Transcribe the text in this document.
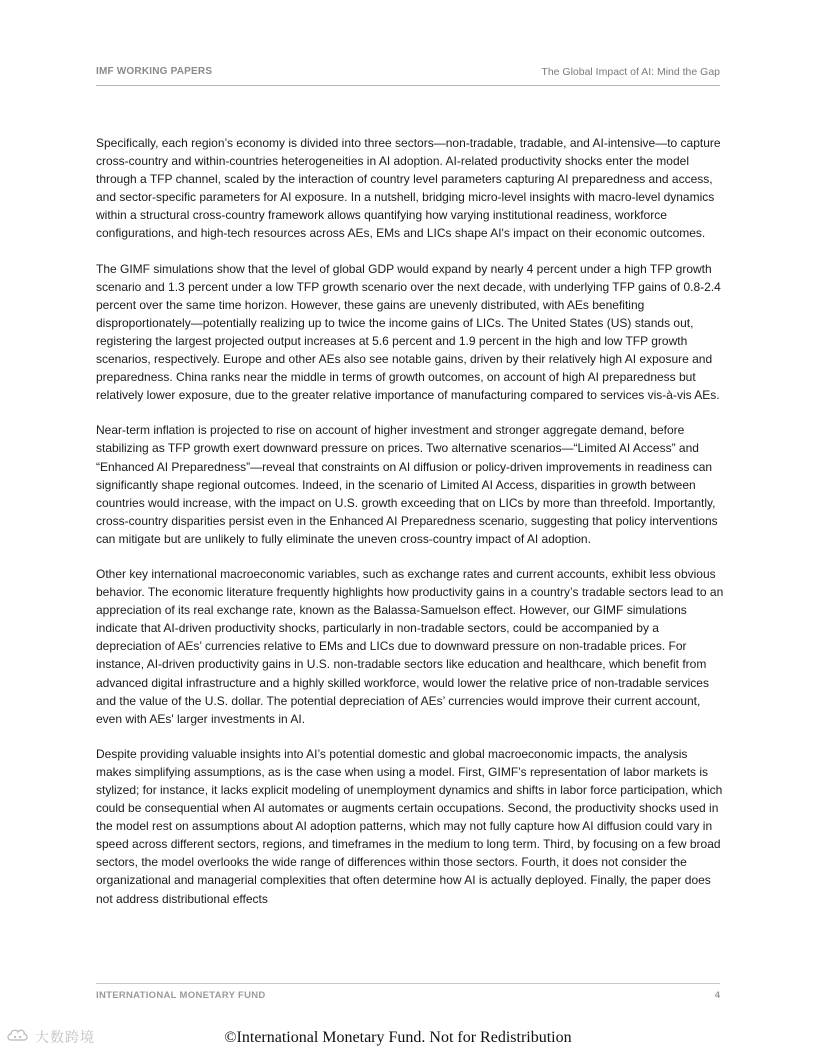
IMF WORKING PAPERS	The Global Impact of AI: Mind the Gap

Specifically, each region’s economy is divided into three sectors—non-tradable, tradable, and AI-intensive—to capture cross-country and within-countries heterogeneities in AI adoption. AI-related productivity shocks enter the model through a TFP channel, scaled by the interaction of country level parameters capturing AI preparedness and access, and sector-specific parameters for AI exposure. In a nutshell, bridging micro-level insights with macro-level dynamics within a structural cross-country framework allows quantifying how varying institutional readiness, workforce configurations, and high-tech resources across AEs, EMs and LICs shape AI's impact on their economic outcomes.

The GIMF simulations show that the level of global GDP would expand by nearly 4 percent under a high TFP growth scenario and 1.3 percent under a low TFP growth scenario over the next decade, with underlying TFP gains of 0.8-2.4 percent over the same time horizon. However, these gains are unevenly distributed, with AEs benefiting disproportionately—potentially realizing up to twice the income gains of LICs. The United States (US) stands out, registering the largest projected output increases at 5.6 percent and 1.9 percent in the high and low TFP growth scenarios, respectively. Europe and other AEs also see notable gains, driven by their relatively high AI exposure and preparedness. China ranks near the middle in terms of growth outcomes, on account of high AI preparedness but relatively lower exposure, due to the greater relative importance of manufacturing compared to services vis-à-vis AEs.

Near-term inflation is projected to rise on account of higher investment and stronger aggregate demand, before stabilizing as TFP growth exert downward pressure on prices. Two alternative scenarios—“Limited AI Access” and “Enhanced AI Preparedness”—reveal that constraints on AI diffusion or policy-driven improvements in readiness can significantly shape regional outcomes. Indeed, in the scenario of Limited AI Access, disparities in growth between countries would increase, with the impact on U.S. growth exceeding that on LICs by more than threefold. Importantly, cross-country disparities persist even in the Enhanced AI Preparedness scenario, suggesting that policy interventions can mitigate but are unlikely to fully eliminate the uneven cross-country impact of AI adoption.

Other key international macroeconomic variables, such as exchange rates and current accounts, exhibit less obvious behavior. The economic literature frequently highlights how productivity gains in a country’s tradable sectors lead to an appreciation of its real exchange rate, known as the Balassa-Samuelson effect. However, our GIMF simulations indicate that AI-driven productivity shocks, particularly in non-tradable sectors, could be accompanied by a depreciation of AEs’ currencies relative to EMs and LICs due to downward pressure on non-tradable prices. For instance, AI-driven productivity gains in U.S. non-tradable sectors like education and healthcare, which benefit from advanced digital infrastructure and a highly skilled workforce, would lower the relative price of non-tradable services and the value of the U.S. dollar. The potential depreciation of AEs’ currencies would improve their current account, even with AEs' larger investments in AI.

Despite providing valuable insights into AI’s potential domestic and global macroeconomic impacts, the analysis makes simplifying assumptions, as is the case when using a model. First, GIMF’s representation of labor markets is stylized; for instance, it lacks explicit modeling of unemployment dynamics and shifts in labor force participation, which could be consequential when AI automates or augments certain occupations. Second, the productivity shocks used in the model rest on assumptions about AI adoption patterns, which may not fully capture how AI diffusion could vary in speed across different sectors, regions, and timeframes in the medium to long term. Third, by focusing on a few broad sectors, the model overlooks the wide range of differences within those sectors. Fourth, it does not consider the organizational and managerial complexities that often determine how AI is actually deployed. Finally, the paper does not address distributional effects

INTERNATIONAL MONETARY FUND	4
大数跨境	©International Monetary Fund. Not for Redistribution
